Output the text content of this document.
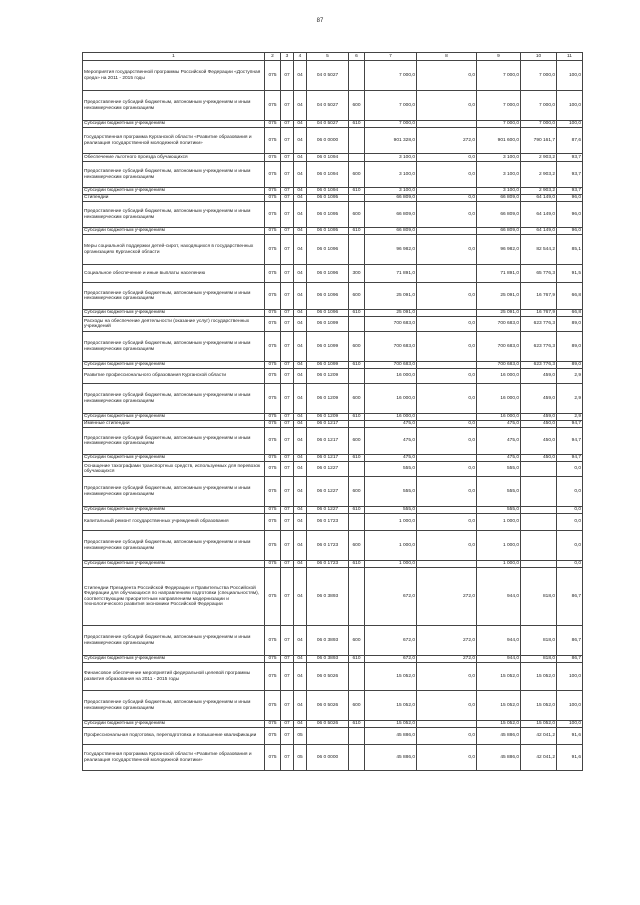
87
1	2	3	4	5	6	7	8	9	10	11
Мероприятия государственной программы Российской Федерации «Доступная среда» на 2011 - 2015 годы	075	07	04	04 0 5027		7 000,0	0,0	7 000,0	7 000,0	100,0
Предоставление субсидий бюджетным, автономным учреждениям и иным некоммерческим организациям	075	07	04	04 0 5027	600	7 000,0	0,0	7 000,0	7 000,0	100,0
Субсидии бюджетным учреждениям	075	07	04	04 0 5027	610	7 000,0		7 000,0	7 000,0	100,0
Государственная программа Курганской области «Развитие образования и реализация государственной молодежной политики»	075	07	04	06 0 0000		901 328,0	272,0	901 600,0	790 161,7	87,6
Обеспечение льготного проезда обучающихся	075	07	04	06 0 1094		3 100,0	0,0	3 100,0	2 903,2	93,7
Предоставление субсидий бюджетным, автономным учреждениям и иным некоммерческим организациям	075	07	04	06 0 1094	600	3 100,0	0,0	3 100,0	2 903,2	93,7
Субсидии бюджетным учреждениям	075	07	04	06 0 1094	610	3 100,0		3 100,0	2 903,2	93,7
Стипендии	075	07	04	06 0 1095		66 809,0	0,0	66 809,0	64 149,0	96,0
Предоставление субсидий бюджетным, автономным учреждениям и иным некоммерческим организациям	075	07	04	06 0 1095	600	66 809,0	0,0	66 809,0	64 149,0	96,0
Субсидии бюджетным учреждениям	075	07	04	06 0 1095	610	66 809,0		66 809,0	64 149,0	96,0
Меры социальной поддержки детей-сирот, находящихся в государственных организациях Курганской области	075	07	04	06 0 1096		96 982,0	0,0	96 982,0	82 544,2	85,1
Социальное обеспечение и иные выплаты населению	075	07	04	06 0 1096	300	71 891,0		71 891,0	65 776,3	91,5
Предоставление субсидий бюджетным, автономным учреждениям и иным некоммерческим организациям	075	07	04	06 0 1096	600	25 091,0	0,0	25 091,0	16 767,9	66,8
Субсидии бюджетным учреждениям	075	07	04	06 0 1096	610	25 091,0		25 091,0	16 767,9	66,8
Расходы на обеспечение деятельности (оказание услуг) государственных учреждений	075	07	04	06 0 1099		700 683,0	0,0	700 683,0	623 776,3	89,0
Предоставление субсидий бюджетным, автономным учреждениям и иным некоммерческим организациям	075	07	04	06 0 1099	600	700 683,0	0,0	700 683,0	623 776,3	89,0
Субсидии бюджетным учреждениям	075	07	04	06 0 1099	610	700 683,0		700 683,0	623 776,3	89,0
Развитие профессионального образования Курганской области	075	07	04	06 0 1209		16 000,0	0,0	16 000,0	459,0	2,9
Предоставление субсидий бюджетным, автономным учреждениям и иным некоммерческим организациям	075	07	04	06 0 1209	600	16 000,0	0,0	16 000,0	459,0	2,9
Субсидии бюджетным учреждениям	075	07	04	06 0 1209	610	16 000,0		16 000,0	459,0	2,9
Именные стипендии	075	07	04	06 0 1217		475,0	0,0	475,0	450,0	94,7
Предоставление субсидий бюджетным, автономным учреждениям и иным некоммерческим организациям	075	07	04	06 0 1217	600	475,0	0,0	475,0	450,0	94,7
Субсидии бюджетным учреждениям	075	07	04	06 0 1217	610	475,0		475,0	450,0	94,7
Оснащение тахографами транспортных средств, используемых для перевозок обучающихся	075	07	04	06 0 1227		555,0	0,0	555,0		0,0
Предоставление субсидий бюджетным, автономным учреждениям и иным некоммерческим организациям	075	07	04	06 0 1227	600	555,0	0,0	555,0		0,0
Субсидии бюджетным учреждениям	075	07	04	06 0 1227	610	555,0		555,0		0,0
Капитальный ремонт государственных учреждений образования	075	07	04	06 0 1723		1 000,0	0,0	1 000,0		0,0
Предоставление субсидий бюджетным, автономным учреждениям и иным некоммерческим организациям	075	07	04	06 0 1723	600	1 000,0	0,0	1 000,0		0,0
Субсидии бюджетным учреждениям	075	07	04	06 0 1723	610	1 000,0		1 000,0		0,0
Стипендии Президента Российской Федерации и Правительства Российской Федерации для обучающихся по направлениям подготовки (специальностям), соответствующим приоритетным направлениям модернизации и технологического развития экономики Российской Федерации	075	07	04	06 0 3893		672,0	272,0	944,0	818,0	86,7
Предоставление субсидий бюджетным, автономным учреждениям и иным некоммерческим организациям	075	07	04	06 0 3893	600	672,0	272,0	944,0	818,0	86,7
Субсидии бюджетным учреждениям	075	07	04	06 0 3893	610	672,0	272,0	944,0	818,0	86,7
Финансовое обеспечение мероприятий федеральной целевой программы развития образования на 2011 - 2015 годы	075	07	04	06 0 5026		15 052,0	0,0	15 052,0	15 052,0	100,0
Предоставление субсидий бюджетным, автономным учреждениям и иным некоммерческим организациям	075	07	04	06 0 5026	600	15 052,0	0,0	15 052,0	15 052,0	100,0
Субсидии бюджетным учреждениям	075	07	04	06 0 5026	610	15 052,0		15 052,0	15 052,0	100,0
Профессиональная подготовка, переподготовка и повышение квалификации	075	07	05			45 886,0	0,0	45 886,0	42 041,2	91,6
Государственная программа Курганской области «Развитие образования и реализация государственной молодежной политики»	075	07	05	06 0 0000		45 886,0	0,0	45 886,0	42 041,2	91,6
